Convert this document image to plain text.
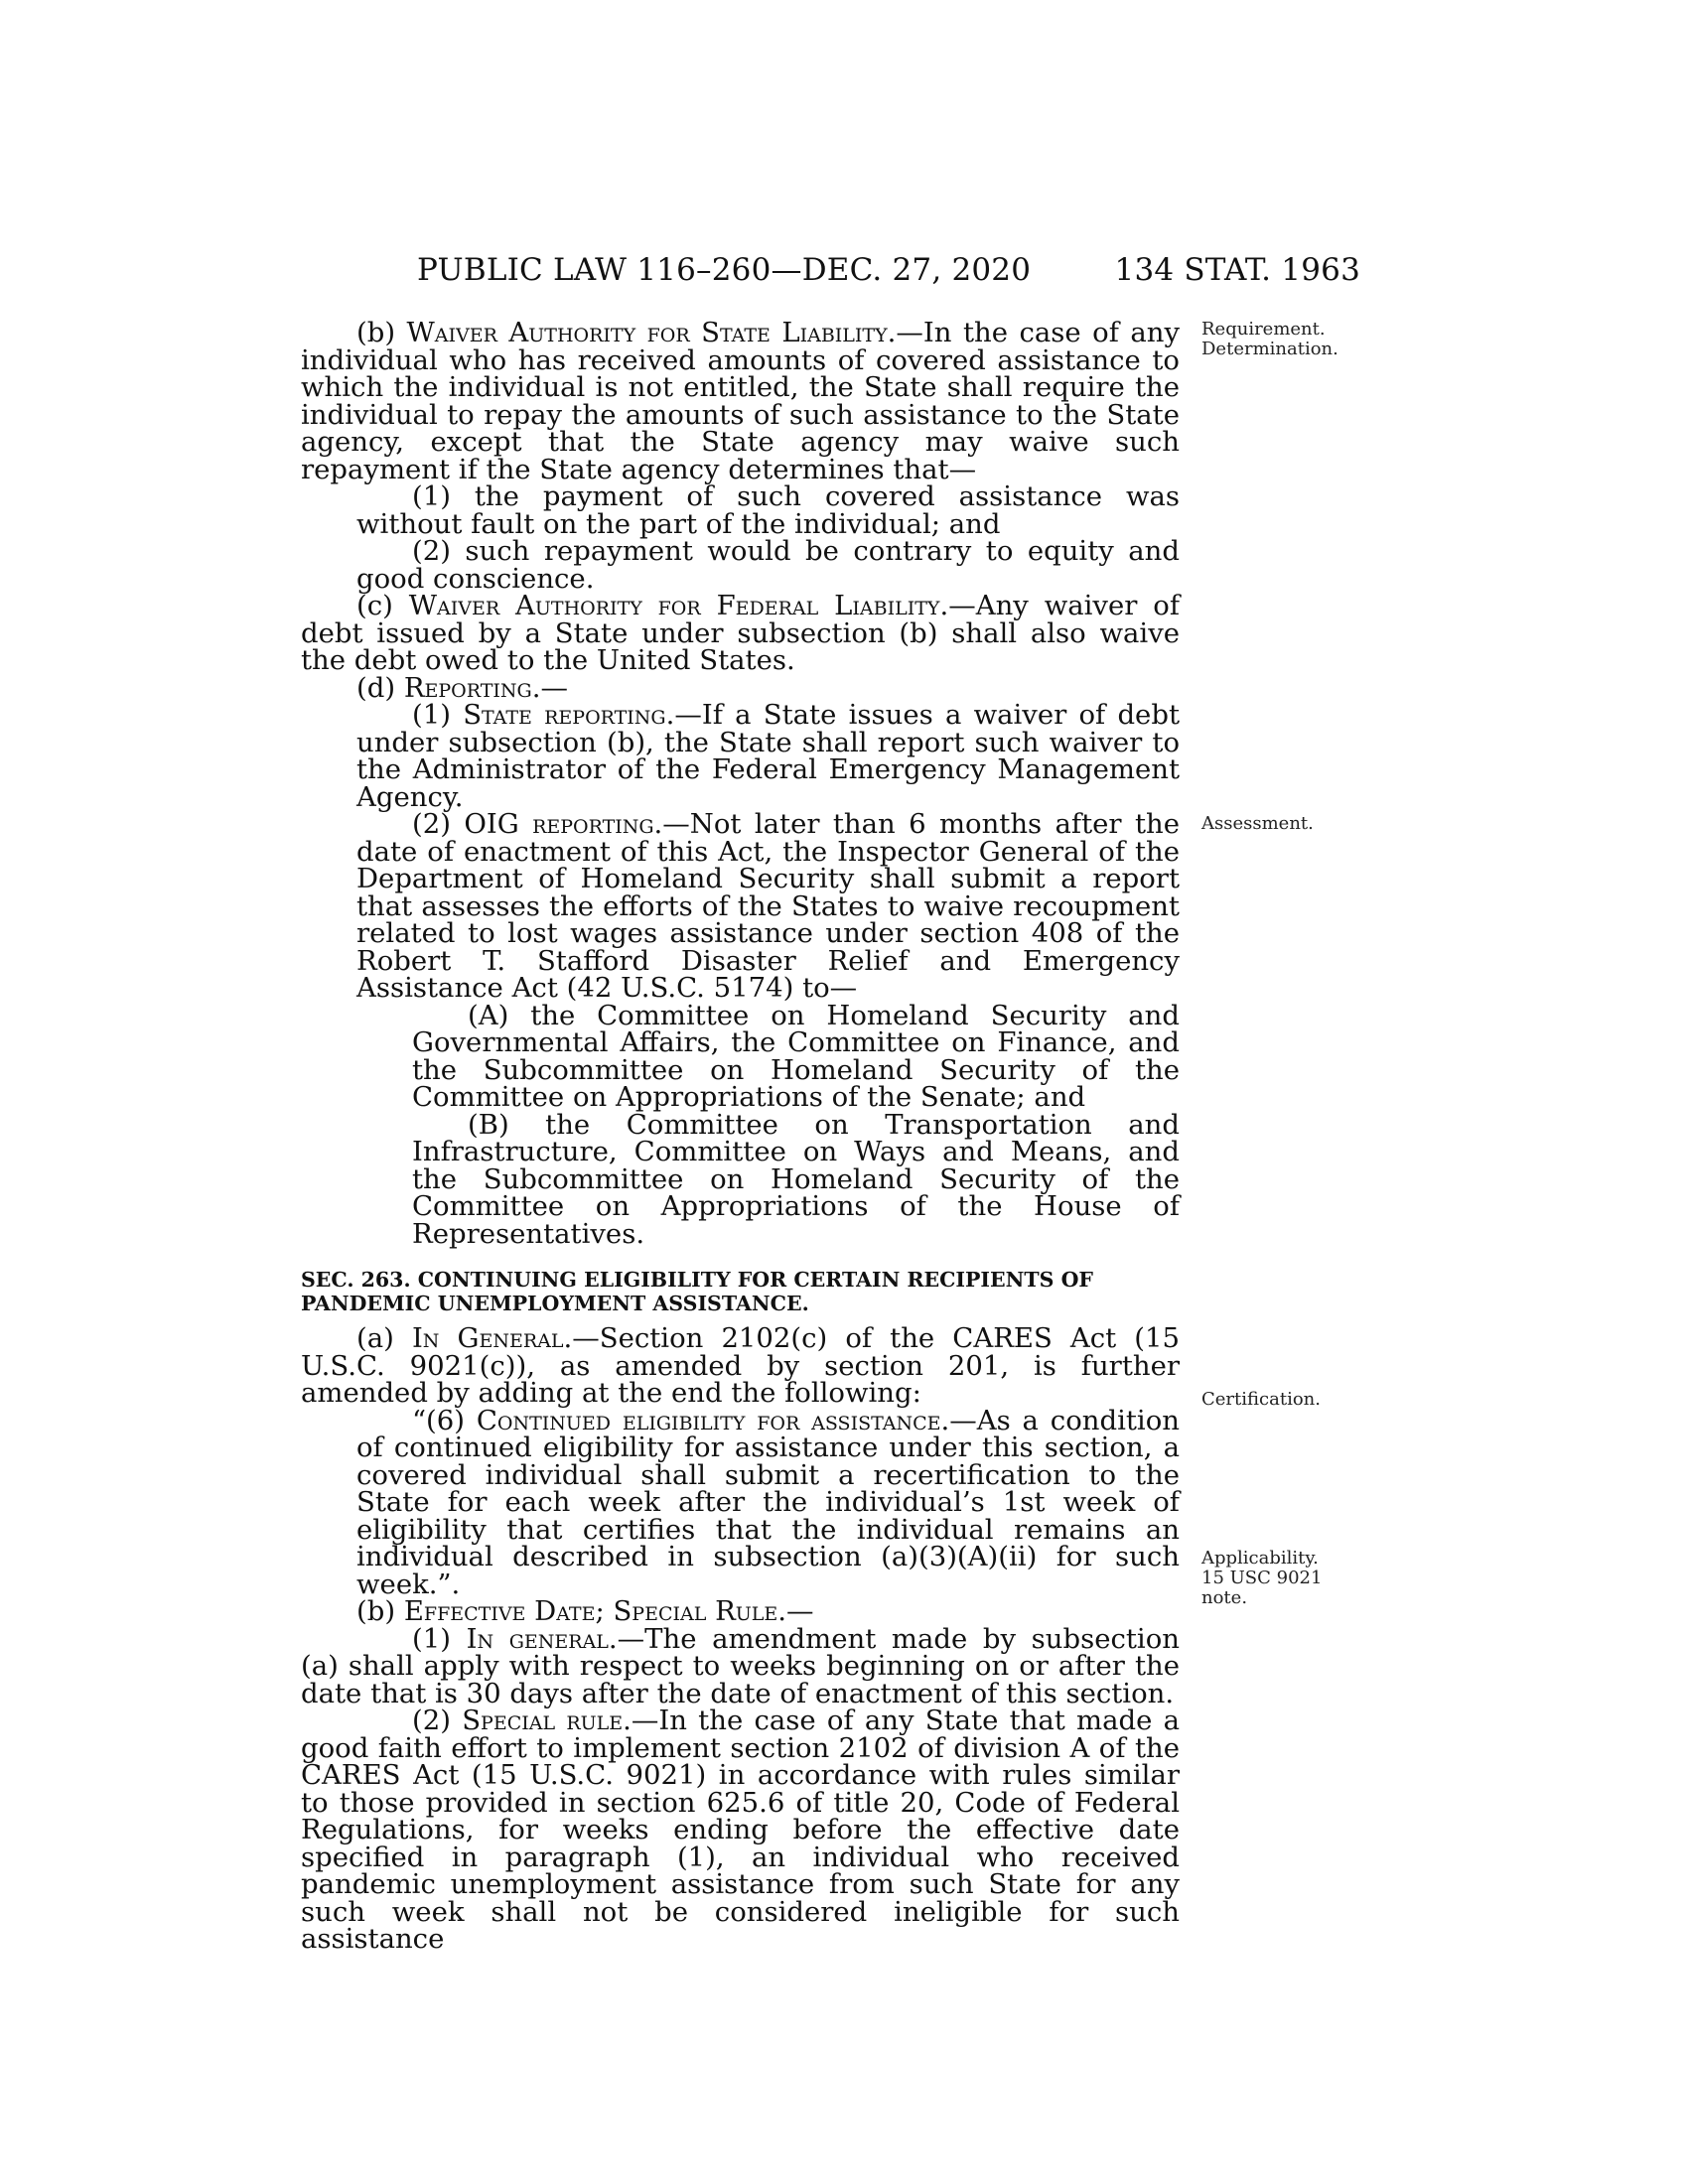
PUBLIC LAW 116–260—DEC. 27, 2020	134 STAT. 1963
Requirement.
Determination.
Assessment.
Certification.
Applicability.
15 USC 9021
note.

(b) Waiver Authority for State Liability.—In the case of any individual who has received amounts of covered assistance to which the individual is not entitled, the State shall require the individual to repay the amounts of such assistance to the State agency, except that the State agency may waive such repayment if the State agency determines that—

(1) the payment of such covered assistance was without fault on the part of the individual; and

(2) such repayment would be contrary to equity and good conscience.

(c) Waiver Authority for Federal Liability.—Any waiver of debt issued by a State under subsection (b) shall also waive the debt owed to the United States.

(d) Reporting.—

(1) State reporting.—If a State issues a waiver of debt under subsection (b), the State shall report such waiver to the Administrator of the Federal Emergency Management Agency.

(2) OIG reporting.—Not later than 6 months after the date of enactment of this Act, the Inspector General of the Department of Homeland Security shall submit a report that assesses the efforts of the States to waive recoupment related to lost wages assistance under section 408 of the Robert T. Stafford Disaster Relief and Emergency Assistance Act (42 U.S.C. 5174) to—

(A) the Committee on Homeland Security and Governmental Affairs, the Committee on Finance, and the Subcommittee on Homeland Security of the Committee on Appropriations of the Senate; and

(B) the Committee on Transportation and Infrastructure, Committee on Ways and Means, and the Subcommittee on Homeland Security of the Committee on Appropriations of the House of Representatives.

SEC. 263. CONTINUING ELIGIBILITY FOR CERTAIN RECIPIENTS OF
PANDEMIC UNEMPLOYMENT ASSISTANCE.

(a) In General.—Section 2102(c) of the CARES Act (15 U.S.C. 9021(c)), as amended by section 201, is further amended by adding at the end the following:

“(6) Continued eligibility for assistance.—As a condition of continued eligibility for assistance under this section, a covered individual shall submit a recertification to the State for each week after the individual’s 1st week of eligibility that certifies that the individual remains an individual described in subsection (a)(3)(A)(ii) for such week.”.

(b) Effective Date; Special Rule.—

(1) In general.—The amendment made by subsection (a) shall apply with respect to weeks beginning on or after the date that is 30 days after the date of enactment of this section.

(2) Special rule.—In the case of any State that made a good faith effort to implement section 2102 of division A of the CARES Act (15 U.S.C. 9021) in accordance with rules similar to those provided in section 625.6 of title 20, Code of Federal Regulations, for weeks ending before the effective date specified in paragraph (1), an individual who received pandemic unemployment assistance from such State for any such week shall not be considered ineligible for such assistance
